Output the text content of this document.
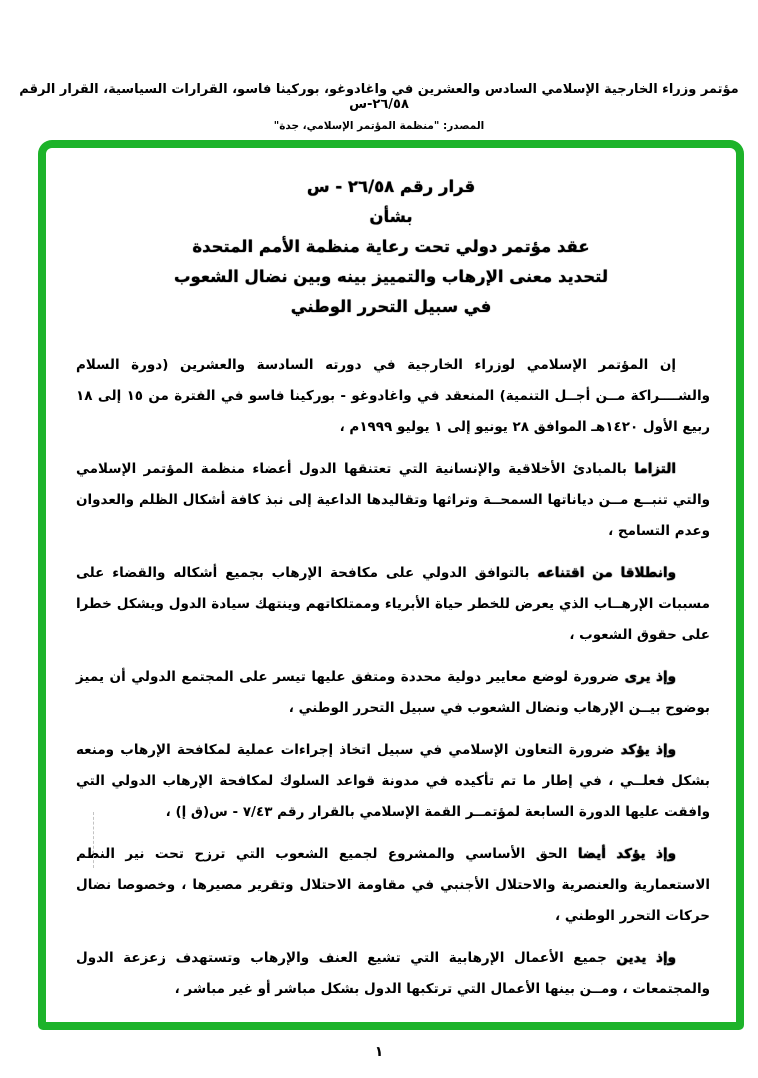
مؤتمر وزراء الخارجية الإسلامي السادس والعشرين في واغادوغو، بوركينا فاسو، القرارات السياسية، القرار الرقم ٢٦/٥٨-س
المصدر: "منظمة المؤتمر الإسلامي، جدة"
قرار رقم ٢٦/٥٨ - س
بشأن
عقد مؤتمر دولي تحت رعاية منظمة الأمم المتحدة
لتحديد معنى الإرهاب والتمييز بينه وبين نضال الشعوب
في سبيل التحرر الوطني
إن المؤتمر الإسلامي لوزراء الخارجية في دورته السادسة والعشرين (دورة السلام والشــــراكة مــن أجــل التنمية) المنعقد في واغادوغو - بوركينا فاسو في الفترة من ١٥ إلى ١٨ ربيع الأول ١٤٢٠هـ الموافق ٢٨ يونيو إلى ١ يوليو ١٩٩٩م ،
التزاما بالمبادئ الأخلاقية والإنسانية التي تعتنقها الدول أعضاء منظمة المؤتمر الإسلامي والتي تنبــع مــن دياناتها السمحــة وتراثها وتقاليدها الداعية إلى نبذ كافة أشكال الظلم والعدوان وعدم التسامح ،
وانطلاقا من اقتناعه بالتوافق الدولي على مكافحة الإرهاب بجميع أشكاله والقضاء على مسببات الإرهــاب الذي يعرض للخطر حياة الأبرياء وممتلكاتهم وينتهك سيادة الدول ويشكل خطرا على حقوق الشعوب ،
وإذ يرى ضرورة لوضع معايير دولية محددة ومتفق عليها تيسر على المجتمع الدولي أن يميز بوضوح بيــن الإرهاب ونضال الشعوب في سبيل التحرر الوطني ،
وإذ يؤكد ضرورة التعاون الإسلامي في سبيل اتخاذ إجراءات عملية لمكافحة الإرهاب ومنعه بشكل فعلــي ، في إطار ما تم تأكيده في مدونة قواعد السلوك لمكافحة الإرهاب الدولي التي وافقت عليها الدورة السابعة لمؤتمــر القمة الإسلامي بالقرار رقم ٧/٤٣ - س(ق إ) ،
وإذ يؤكد أيضا الحق الأساسي والمشروع لجميع الشعوب التي ترزح تحت نير النظم الاستعمارية والعنصرية والاحتلال الأجنبي في مقاومة الاحتلال وتقرير مصيرها ، وخصوصا نضال حركات التحرر الوطني ،
وإذ يدين جميع الأعمال الإرهابية التي تشيع العنف والإرهاب وتستهدف زعزعة الدول والمجتمعات ، ومــن بينها الأعمال التي ترتكبها الدول بشكل مباشر أو غير مباشر ،
١
